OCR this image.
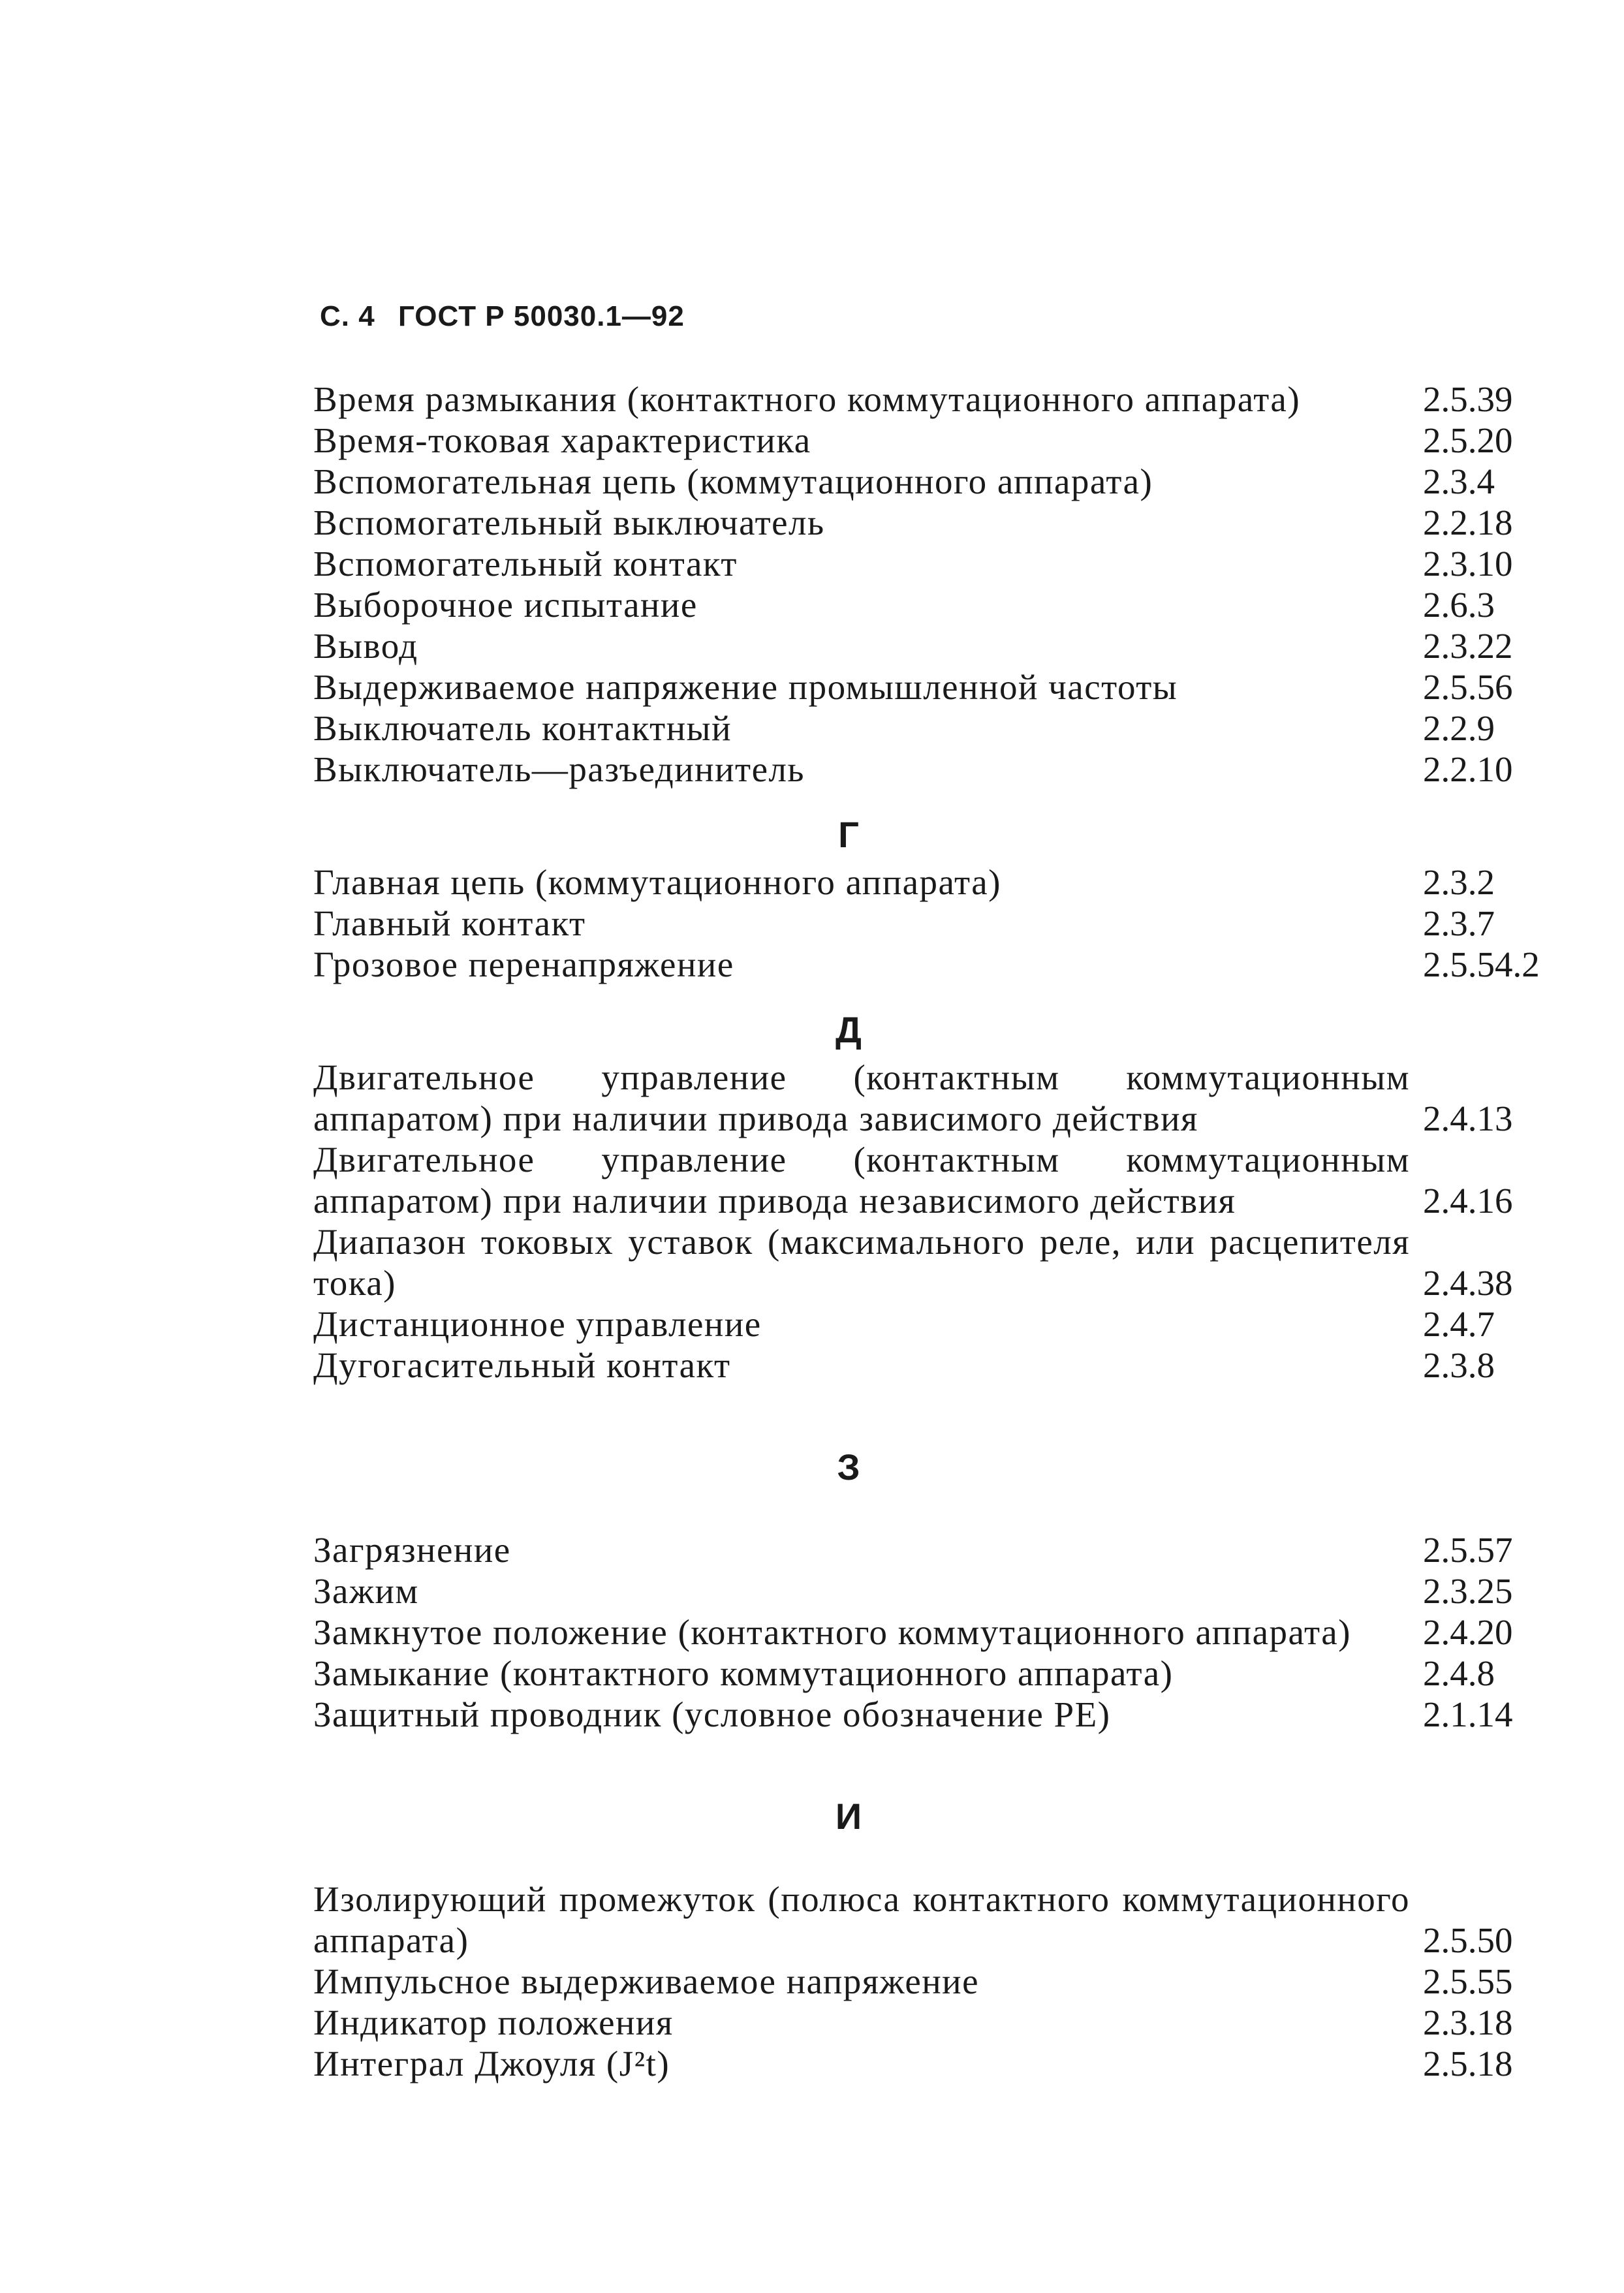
С. 4 ГОСТ Р 50030.1—92
Время размыкания (контактного коммутационного аппарата)	2.5.39
Время-токовая характеристика	2.5.20
Вспомогательная цепь (коммутационного аппарата)	2.3.4
Вспомогательный выключатель	2.2.18
Вспомогательный контакт	2.3.10
Выборочное испытание	2.6.3
Вывод	2.3.22
Выдерживаемое напряжение промышленной частоты	2.5.56
Выключатель контактный	2.2.9
Выключатель—разъединитель	2.2.10
Г
Главная цепь (коммутационного аппарата)	2.3.2
Главный контакт	2.3.7
Грозовое перенапряжение	2.5.54.2
Д
Двигательное управление (контактным коммутационным аппаратом) при наличии привода зависимого действия	2.4.13
Двигательное управление (контактным коммутационным аппаратом) при наличии привода независимого действия	2.4.16
Диапазон токовых уставок (максимального реле, или расцепителя тока)	2.4.38
Дистанционное управление	2.4.7
Дугогасительный контакт	2.3.8
З
Загрязнение	2.5.57
Зажим	2.3.25
Замкнутое положение (контактного коммутационного аппарата)	2.4.20
Замыкание (контактного коммутационного аппарата)	2.4.8
Защитный проводник (условное обозначение PE)	2.1.14
И
Изолирующий промежуток (полюса контактного коммутационного аппарата)	2.5.50
Импульсное выдерживаемое напряжение	2.5.55
Индикатор положения	2.3.18
Интеграл Джоуля (J²t)	2.5.18
